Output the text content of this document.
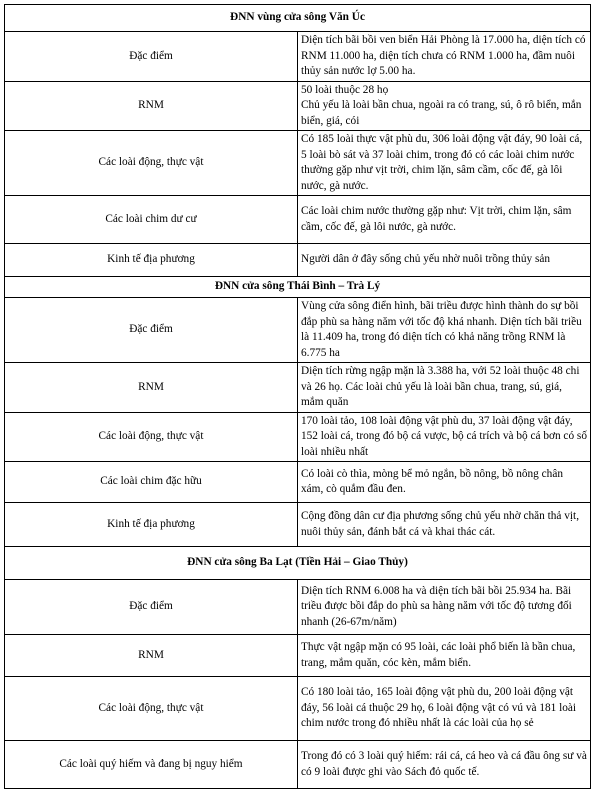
ĐNN vùng cửa sông Văn Úc	
Đặc điểm	Diện tích bãi bồi ven biển Hải Phòng là 17.000 ha, diện tích có RNM 11.000 ha, diện tích chưa có RNM 1.000 ha, đầm nuôi thủy sản nước lợ 5.00 ha.
RNM	50 loài thuộc 28 họ
Chủ yếu là loài bần chua, ngoài ra có trang, sú, ô rô biển, mắn biển, giá, cói
Các loài động, thực vật	Có 185 loài thực vật phù du, 306 loài động vật đáy, 90 loài cá, 5 loài bò sát và 37 loài chim, trong đó có các loài chim nước thường gặp như vịt trời, chim lặn, sâm cầm, cốc đế, gà lôi nước, gà nước.
Các loài chim dư cư	Các loài chim nước thường gặp như: Vịt trời, chim lặn, sâm cầm, cốc đế, gà lôi nước, gà nước.
Kinh tế địa phương	Người dân ở đây sống chủ yếu nhờ nuôi trồng thủy sản
ĐNN cửa sông Thái Bình – Trà Lý	
Đặc điểm	Vùng cửa sông điển hình, bãi triều được hình thành do sự bồi đắp phù sa hàng năm với tốc độ khá nhanh. Diện tích bãi triều là 11.409 ha, trong đó diện tích có khả năng trồng RNM là 6.775 ha
RNM	Diện tích rừng ngập mặn là 3.388 ha, với 52 loài thuộc 48 chi và 26 họ. Các loài chủ yếu là loài bần chua, trang, sú, giá, mắm quăn
Các loài động, thực vật	170 loài tảo, 108 loài động vật phù du, 37 loài động vật đáy, 152 loài cá, trong đó bộ cá vược, bộ cá trích và bộ cá bơn có số loài nhiều nhất
Các loài chim đặc hữu	Có loài cò thìa, mòng bể mỏ ngắn, bồ nông, bồ nông chân xám, cò quắm đầu đen.
Kinh tế địa phương	Cộng đồng dân cư địa phương sống chủ yếu nhờ chăn thả vịt, nuôi thủy sản, đánh bắt cá và khai thác cát.
ĐNN cửa sông Ba Lạt (Tiền Hải – Giao Thủy)	
Đặc điểm	Diện tích RNM 6.008 ha và diện tích bãi bồi 25.934 ha. Bãi triều được bồi đắp do phù sa hàng năm với tốc độ tương đối nhanh (26-67m/năm)
RNM	Thực vật ngập mặn có 95 loài, các loài phổ biến là bần chua, trang, mắm quăn, cóc kèn, mắm biển.
Các loài động, thực vật	Có 180 loài tảo, 165 loài động vật phù du, 200 loài động vật đáy, 56 loài cá thuộc 29 họ, 6 loài động vật có vú và 181 loài chim nước trong đó nhiều nhất là các loài của họ sẻ
Các loài quý hiếm và đang bị nguy hiểm	Trong đó có 3 loài quý hiếm: rái cá, cá heo và cá đầu ông sư và có 9 loài được ghi vào Sách đỏ quốc tế.
